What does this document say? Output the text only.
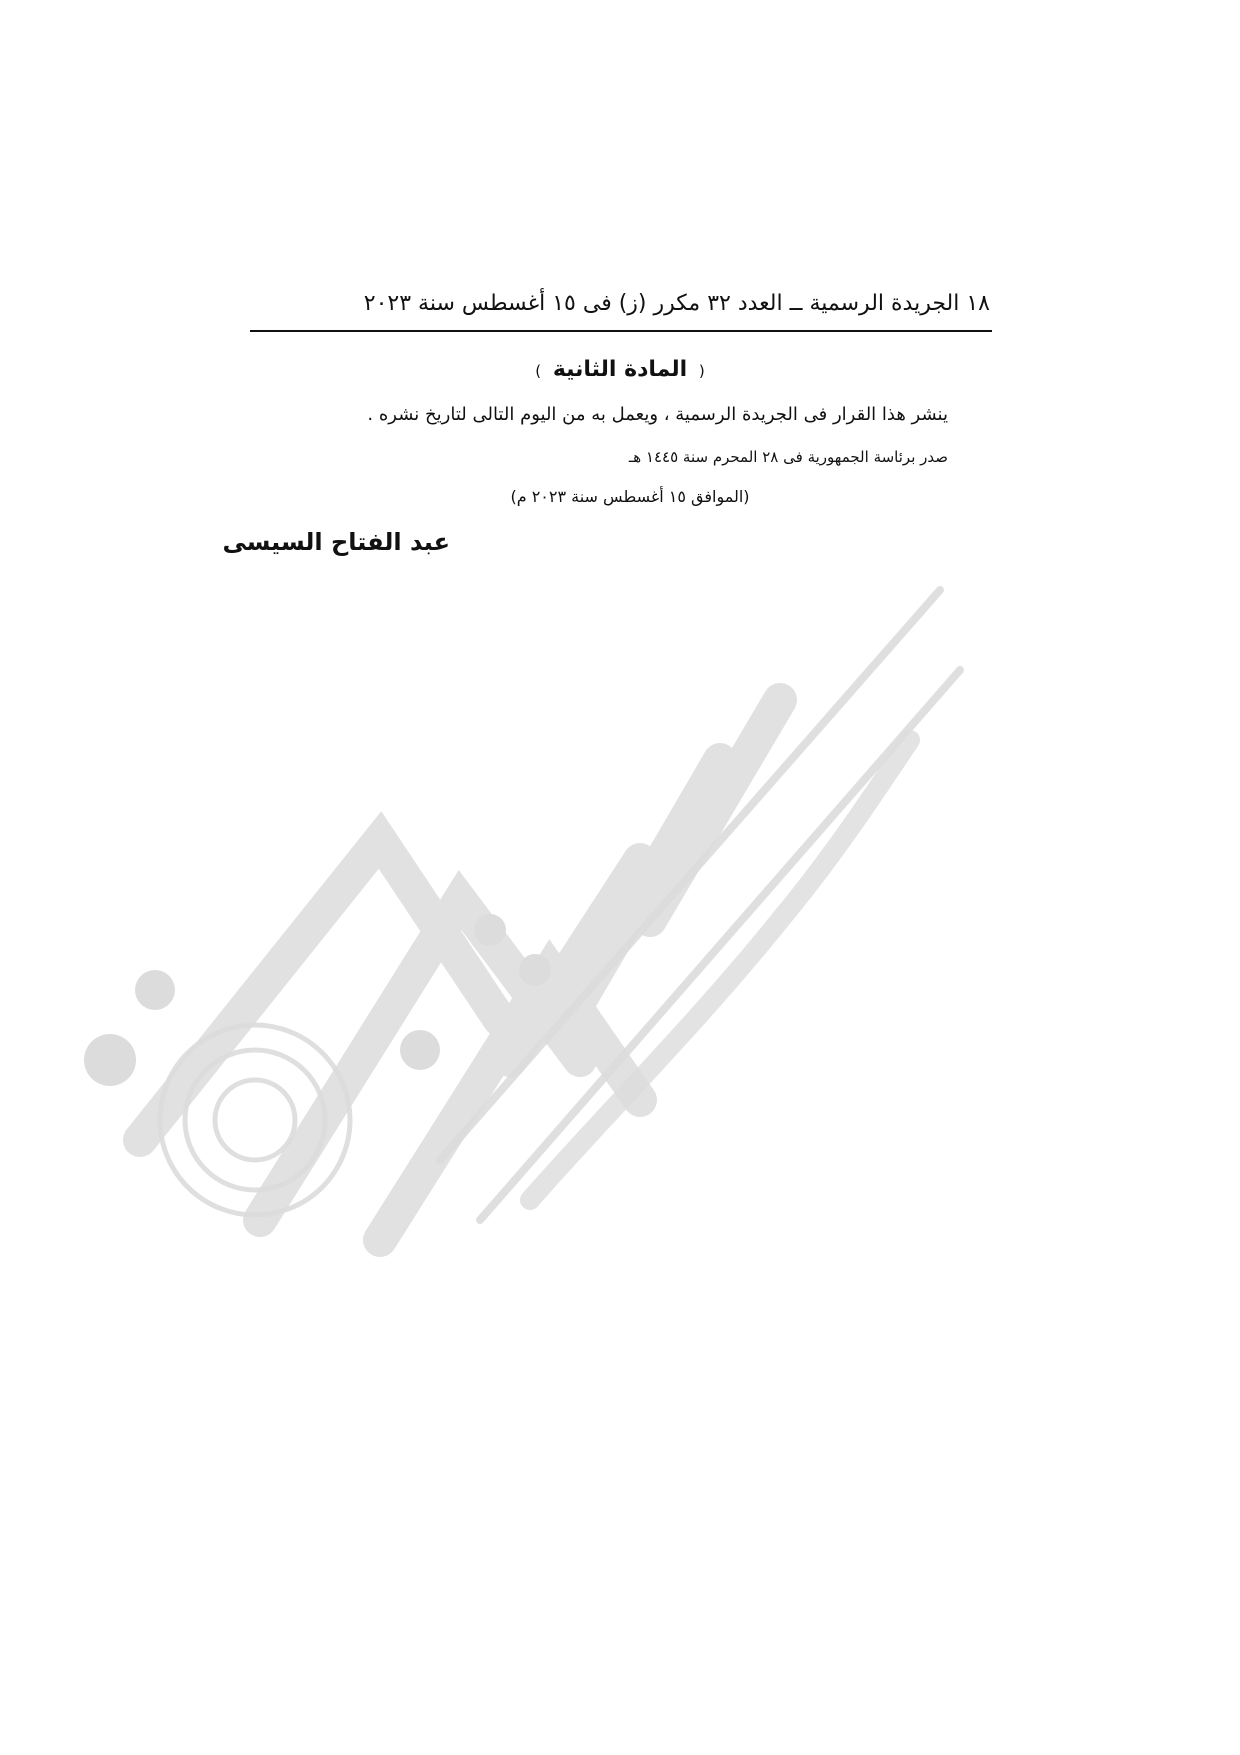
١٨ الجريدة الرسمية ــ العدد ٣٢ مكرر (ز) فى ١٥ أغسطس سنة ٢٠٢٣
( المادة الثانية )
ينشر هذا القرار فى الجريدة الرسمية ، ويعمل به من اليوم التالى لتاريخ نشره .
صدر برئاسة الجمهورية فى ٢٨ المحرم سنة ١٤٤٥ هـ
(الموافق ١٥ أغسطس سنة ٢٠٢٣ م)
عبد الفتاح السيسى
